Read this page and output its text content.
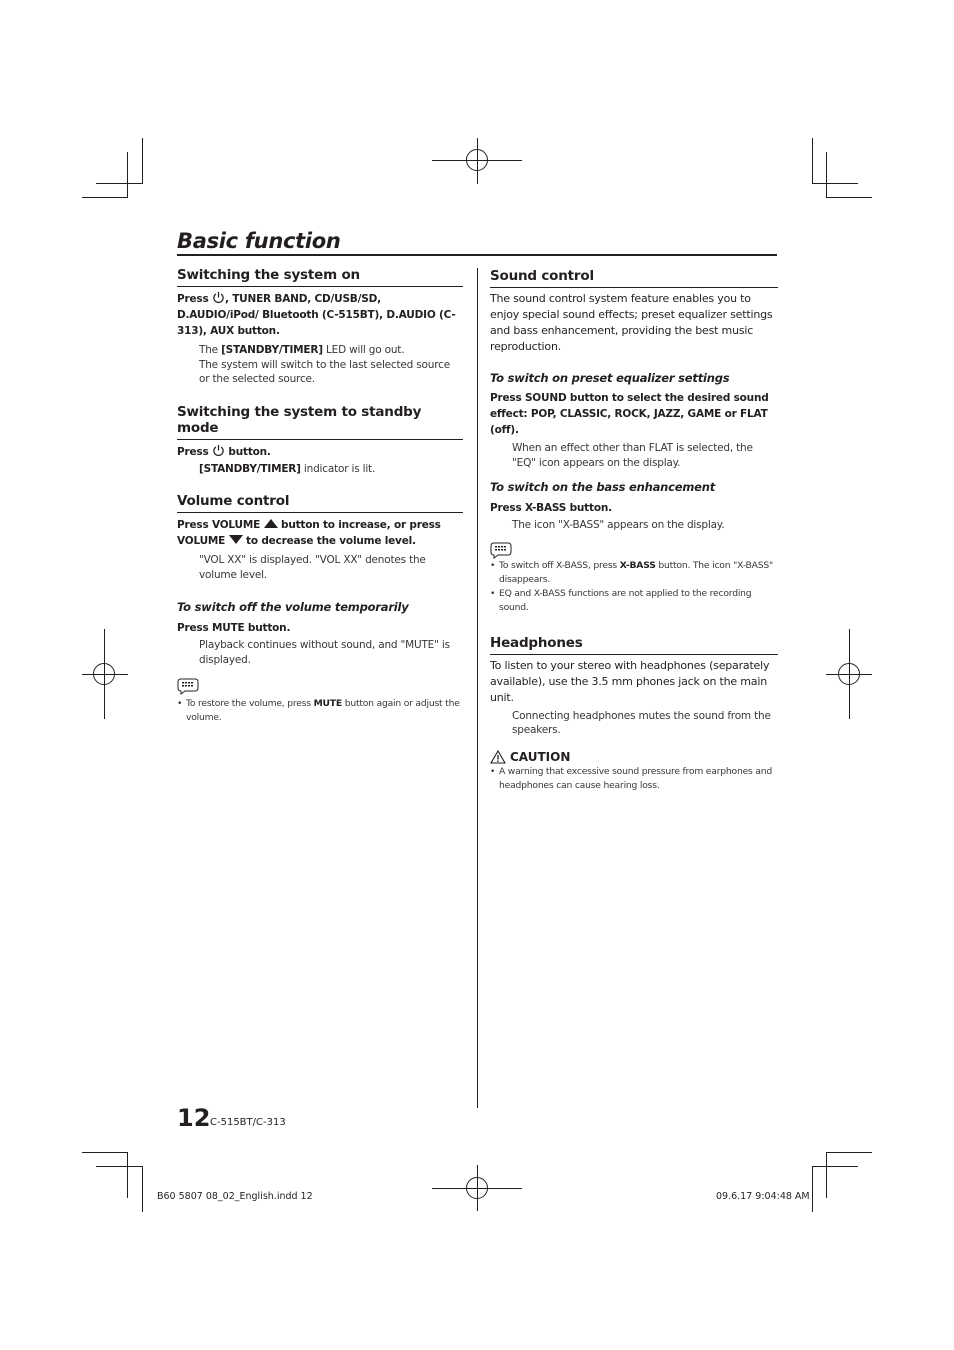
Basic function
Switching the system on

Press , TUNER BAND, CD/USB/SD, D.AUDIO/iPod/ Bluetooth (C-515BT), D.AUDIO (C-313), AUX button.

The [STANDBY/TIMER] LED will go out.

The system will switch to the last selected source or the selected source.

Switching the system to standby mode

Press  button.

[STANDBY/TIMER] indicator is lit.

Volume control

Press VOLUME  button to increase, or press
VOLUME  to decrease the volume level.

"VOL XX" is displayed. "VOL XX" denotes the volume level.

To switch off the volume temporarily

Press MUTE button.

Playback continues without sound, and "MUTE" is displayed.

• To restore the volume, press MUTE button again or adjust the volume.
Sound control

The sound control system feature enables you to enjoy special sound effects; preset equalizer settings and bass enhancement, providing the best music reproduction.

To switch on preset equalizer settings

Press SOUND button to select the desired sound effect: POP, CLASSIC, ROCK, JAZZ, GAME or FLAT (off).

When an effect other than FLAT is selected, the "EQ" icon appears on the display.

To switch on the bass enhancement

Press X-BASS button.

The icon "X-BASS" appears on the display.

• To switch off X-BASS, press X-BASS button. The icon "X-BASS" disappears.
• EQ and X-BASS functions are not applied to the recording sound.
Headphones

To listen to your stereo with headphones (separately available), use the 3.5 mm phones jack on the main unit.

Connecting headphones mutes the sound from the speakers.

CAUTION

• A warning that excessive sound pressure from earphones and headphones can cause hearing loss.

12 C-515BT/C-313

B60 5807 08_02_English.indd 12	09.6.17 9:04:48 AM
